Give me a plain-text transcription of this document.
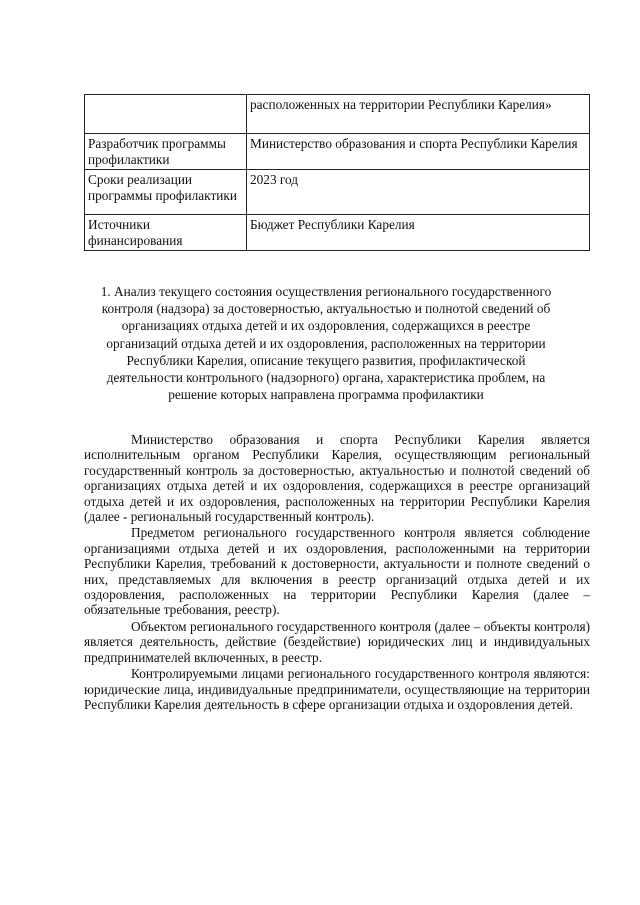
	расположенных на территории Республики Карелия»
Разработчик программы профилактики	Министерство образования и спорта Республики Карелия
Сроки реализации программы профилактики	2023 год
Источники финансирования	Бюджет Республики Карелия
1. Анализ текущего состояния осуществления регионального государственного контроля (надзора) за достоверностью, актуальностью и полнотой сведений об организациях отдыха детей и их оздоровления, содержащихся в реестре организаций отдыха детей и их оздоровления, расположенных на территории Республики Карелия, описание текущего развития, профилактической деятельности контрольного (надзорного) органа, характеристика проблем, на решение которых направлена программа профилактики

Министерство образования и спорта Республики Карелия является исполнительным органом Республики Карелия, осуществляющим региональный государственный контроль за достоверностью, актуальностью и полнотой сведений об организациях отдыха детей и их оздоровления, содержащихся в реестре организаций отдыха детей и их оздоровления, расположенных на территории Республики Карелия (далее - региональный государственный контроль).

Предметом регионального государственного контроля является соблюдение организациями отдыха детей и их оздоровления, расположенными на территории Республики Карелия, требований к достоверности, актуальности и полноте сведений о них, представляемых для включения в реестр организаций отдыха детей и их оздоровления, расположенных на территории Республики Карелия (далее – обязательные требования, реестр).

Объектом регионального государственного контроля (далее – объекты контроля) является деятельность, действие (бездействие) юридических лиц и индивидуальных предпринимателей включенных, в реестр.

Контролируемыми лицами регионального государственного контроля являются: юридические лица, индивидуальные предприниматели, осуществляющие на территории Республики Карелия деятельность в сфере организации отдыха и оздоровления детей.
